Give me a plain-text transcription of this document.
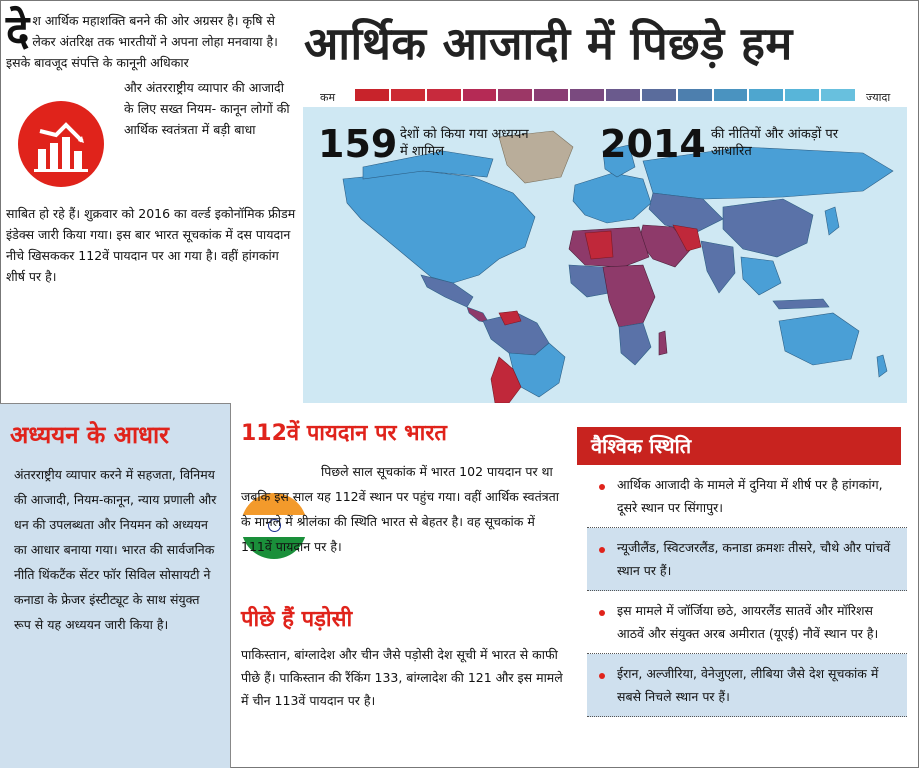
दे श आर्थिक महाशक्ति बनने की ओर अग्रसर है। कृषि से लेकर अंतरिक्ष तक भारतीयों ने अपना लोहा मनवाया है। इसके बावजूद संपत्ति के कानूनी अधिकार
और अंतरराष्ट्रीय व्यापार की आजादी के लिए सख्त नियम- कानून लोगों की आर्थिक स्वतंत्रता में बड़ी बाधा
साबित हो रहे हैं। शुक्रवार को 2016 का वर्ल्ड इकोनॉमिक फ्रीडम इंडेक्स जारी किया गया। इस बार भारत सूचकांक में दस पायदान नीचे खिसककर 112वें पायदान पर आ गया है। वहीं हांगकांग शीर्ष पर है।
आर्थिक आजादी में पिछड़े हम
कम	ज्यादा
159 देशों को किया गया अध्ययन में शामिल	2014 की नीतियों और आंकड़ों पर आधारित
अध्ययन के आधार
अंतरराष्ट्रीय व्यापार करने में सहजता, विनिमय की आजादी, नियम-कानून, न्याय प्रणाली और धन की उपलब्धता और नियमन को अध्ययन का आधार बनाया गया। भारत की सार्वजनिक नीति थिंकटैंक सेंटर फॉर सिविल सोसायटी ने कनाडा के फ्रेजर इंस्टीट्यूट के साथ संयुक्त रूप से यह अध्ययन जारी किया है।
112वें पायदान पर भारत
पिछले साल सूचकांक में भारत 102 पायदान पर था जबकि इस साल यह 112वें स्थान पर पहुंच गया। वहीं आर्थिक स्वतंत्रता के मामले में श्रीलंका की स्थिति भारत से बेहतर है। वह सूचकांक में 111वें पायदान पर है।
पीछे हैं पड़ोसी
पाकिस्तान, बांग्लादेश और चीन जैसे पड़ोसी देश सूची में भारत से काफी पीछे हैं। पाकिस्तान की रैंकिंग 133, बांग्लादेश की 121 और इस मामले में चीन 113वें पायदान पर है।
वैश्विक स्थिति
आर्थिक आजादी के मामले में दुनिया में शीर्ष पर है हांगकांग, दूसरे स्थान पर सिंगापुर।
न्यूजीलैंड, स्विटजरलैंड, कनाडा क्रमशः तीसरे, चौथे और पांचवें स्थान पर हैं।
इस मामले में जॉर्जिया छठे, आयरलैंड सातवें और मॉरिशस आठवें और संयुक्त अरब अमीरात (यूएई) नौवें स्थान पर है।
ईरान, अल्जीरिया, वेनेजुएला, लीबिया जैसे देश सूचकांक में सबसे निचले स्थान पर हैं।
